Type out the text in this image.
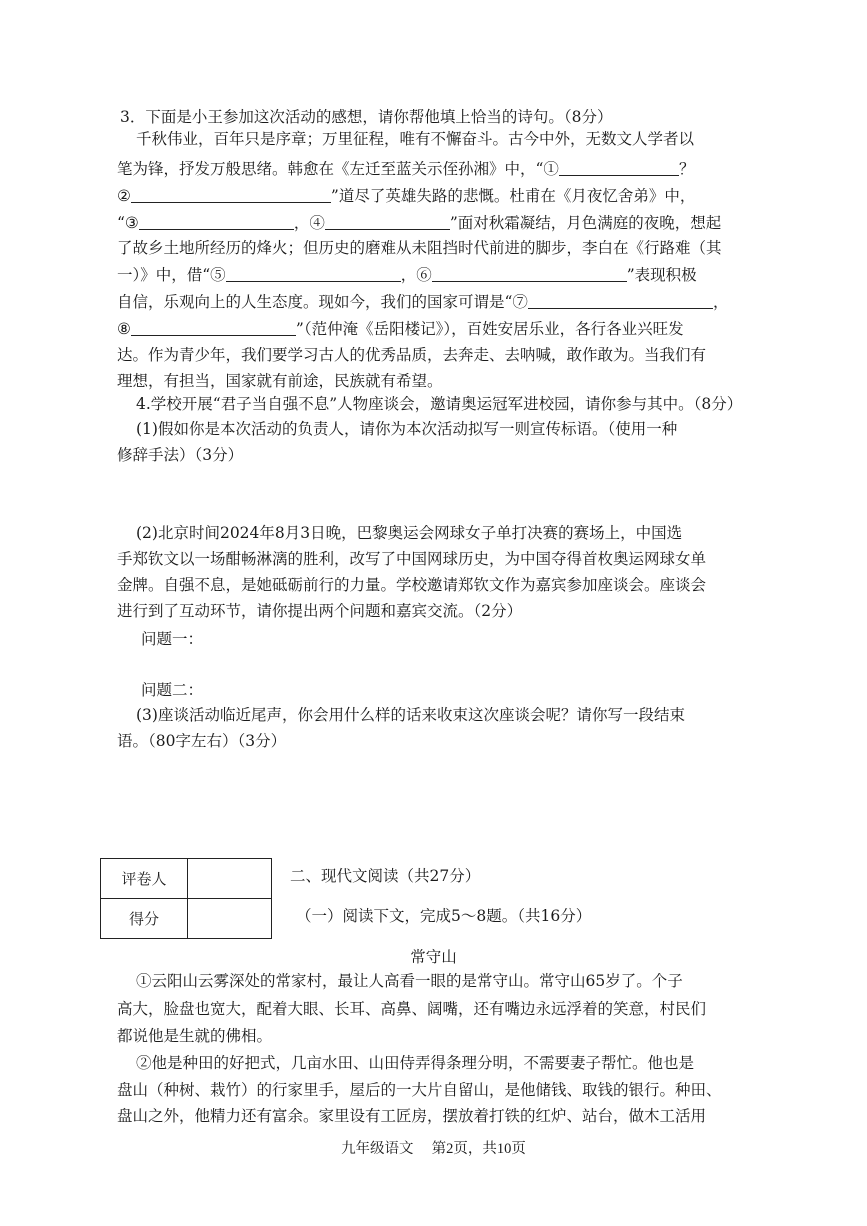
3．下面是小王参加这次活动的感想，请你帮他填上恰当的诗句。（8分）
千秋伟业，百年只是序章；万里征程，唯有不懈奋斗。古今中外，无数文人学者以
笔为锋，抒发万般思绪。韩愈在《左迁至蓝关示侄孙湘》中，“①	？
②	”道尽了英雄失路的悲慨。杜甫在《月夜忆舍弟》中，
“③	，④	”面对秋霜凝结，月色满庭的夜晚，想起
了故乡土地所经历的烽火；但历史的磨难从未阻挡时代前进的脚步，李白在《行路难（其
一）》中，借“⑤	，⑥	”表现积极
自信，乐观向上的人生态度。现如今，我们的国家可谓是“⑦	，
⑧	”（范仲淹《岳阳楼记》），百姓安居乐业，各行各业兴旺发
达。作为青少年，我们要学习古人的优秀品质，去奔走、去呐喊，敢作敢为。当我们有
理想，有担当，国家就有前途，民族就有希望。
4.学校开展“君子当自强不息”人物座谈会，邀请奥运冠军进校园，请你参与其中。（8分）
(1)假如你是本次活动的负责人，请你为本次活动拟写一则宣传标语。（使用一种
修辞手法）（3分）
(2)北京时间2024年8月3日晚，巴黎奥运会网球女子单打决赛的赛场上，中国选
手郑钦文以一场酣畅淋漓的胜利，改写了中国网球历史，为中国夺得首枚奥运网球女单
金牌。自强不息，是她砥砺前行的力量。学校邀请郑钦文作为嘉宾参加座谈会。座谈会
进行到了互动环节，请你提出两个问题和嘉宾交流。（2分）
问题一：
问题二：
(3)座谈活动临近尾声，你会用什么样的话来收束这次座谈会呢？请你写一段结束
语。（80字左右）（3分）
评卷人	
得分	
二、现代文阅读（共27分）
（一）阅读下文，完成5～8题。（共16分）
常守山
①云阳山云雾深处的常家村，最让人高看一眼的是常守山。常守山65岁了。个子
高大，脸盘也宽大，配着大眼、长耳、高鼻、阔嘴，还有嘴边永远浮着的笑意，村民们
都说他是生就的佛相。
②他是种田的好把式，几亩水田、山田侍弄得条理分明，不需要妻子帮忙。他也是
盘山（种树、栽竹）的行家里手，屋后的一大片自留山，是他储钱、取钱的银行。种田、
盘山之外，他精力还有富余。家里设有工匠房，摆放着打铁的红炉、站台，做木工活用
九年级语文　 第2页，共10页
